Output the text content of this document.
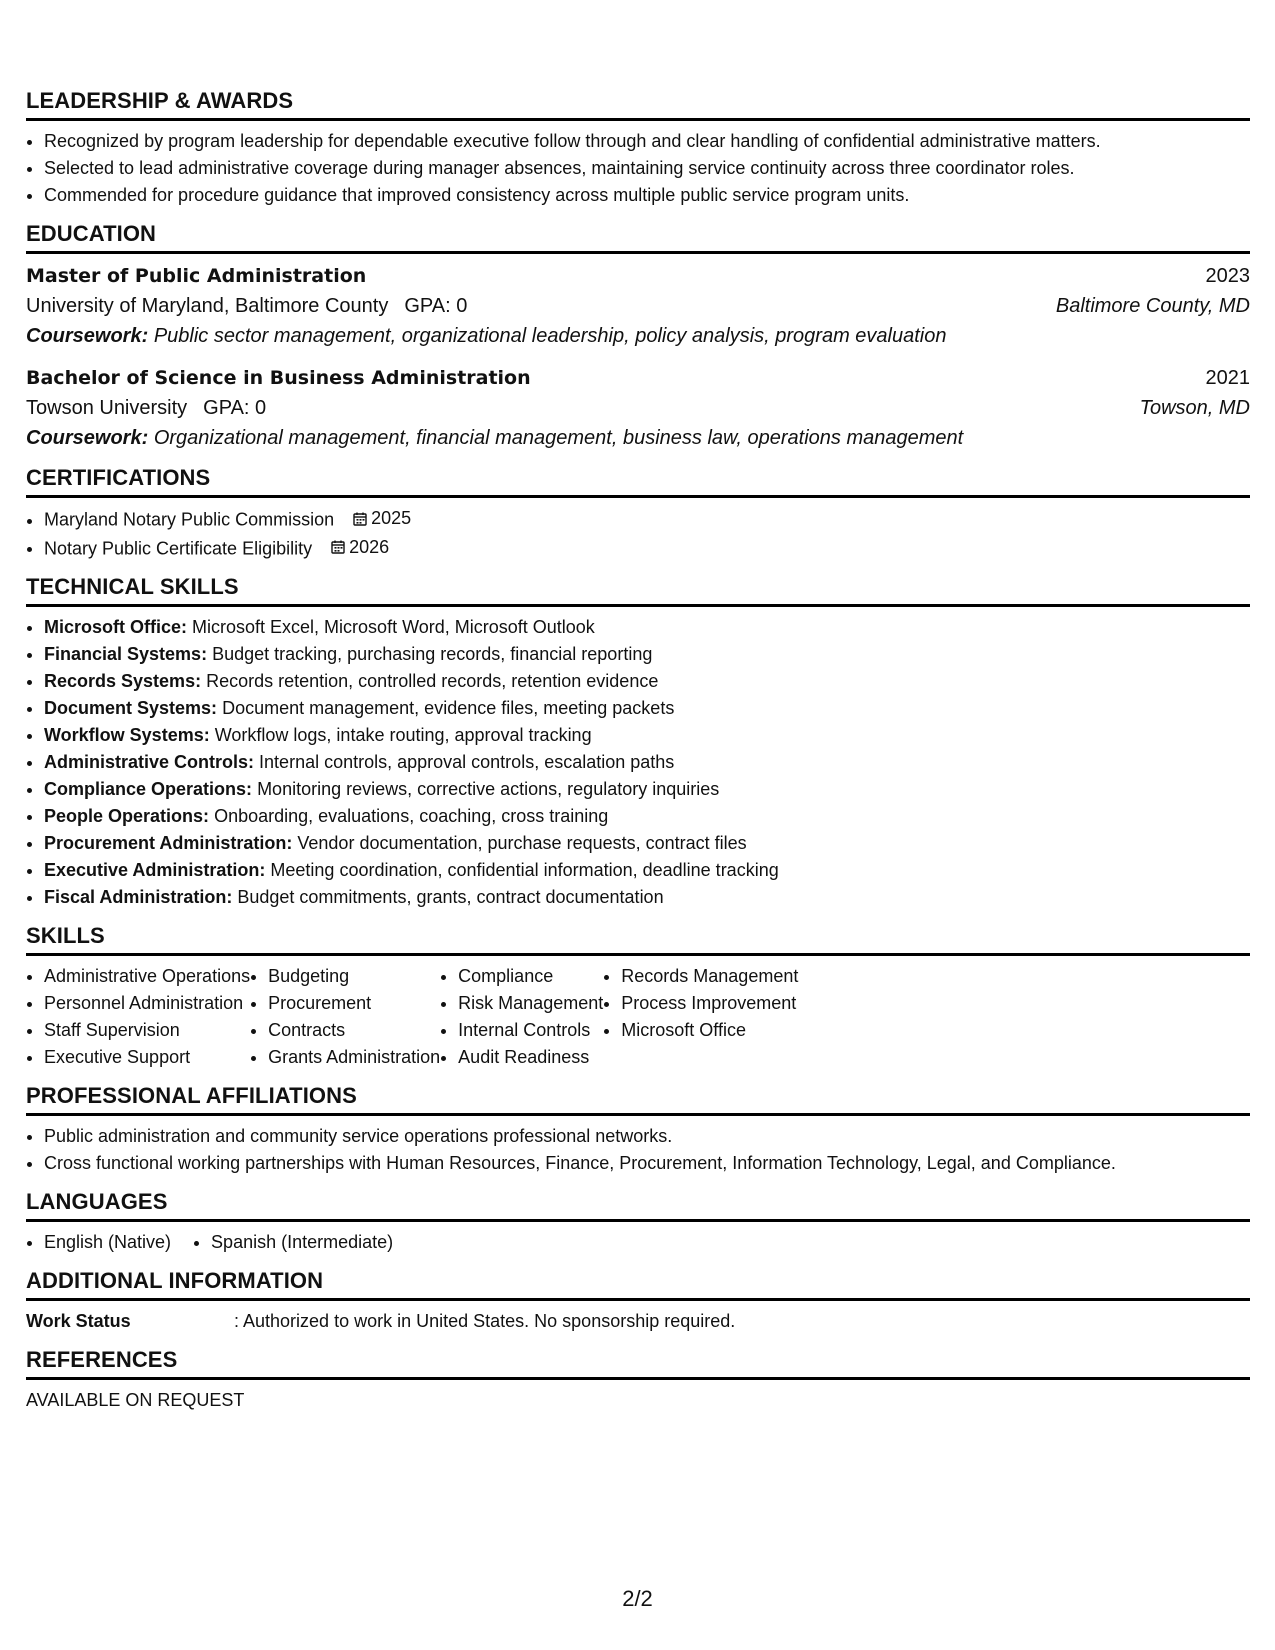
LEADERSHIP & AWARDS
• Recognized by program leadership for dependable executive follow through and clear handling of confidential administrative matters.
• Selected to lead administrative coverage during manager absences, maintaining service continuity across three coordinator roles.
• Commended for procedure guidance that improved consistency across multiple public service program units.
EDUCATION
Master of Public Administration	2023
University of Maryland, Baltimore County GPA: 0	Baltimore County, MD
Coursework: Public sector management, organizational leadership, policy analysis, program evaluation
Bachelor of Science in Business Administration	2021
Towson University GPA: 0	Towson, MD
Coursework: Organizational management, financial management, business law, operations management
CERTIFICATIONS
• Maryland Notary Public Commission 2025
• Notary Public Certificate Eligibility 2026
TECHNICAL SKILLS
• Microsoft Office: Microsoft Excel, Microsoft Word, Microsoft Outlook
• Financial Systems: Budget tracking, purchasing records, financial reporting
• Records Systems: Records retention, controlled records, retention evidence
• Document Systems: Document management, evidence files, meeting packets
• Workflow Systems: Workflow logs, intake routing, approval tracking
• Administrative Controls: Internal controls, approval controls, escalation paths
• Compliance Operations: Monitoring reviews, corrective actions, regulatory inquiries
• People Operations: Onboarding, evaluations, coaching, cross training
• Procurement Administration: Vendor documentation, purchase requests, contract files
• Executive Administration: Meeting coordination, confidential information, deadline tracking
• Fiscal Administration: Budget commitments, grants, contract documentation
SKILLS
• Administrative Operations
• Personnel Administration
• Staff Supervision
• Executive Support
• Budgeting
• Procurement
• Contracts
• Grants Administration
• Compliance
• Risk Management
• Internal Controls
• Audit Readiness
• Records Management
• Process Improvement
• Microsoft Office
PROFESSIONAL AFFILIATIONS
• Public administration and community service operations professional networks.
• Cross functional working partnerships with Human Resources, Finance, Procurement, Information Technology, Legal, and Compliance.
LANGUAGES
• English (Native)
• Spanish (Intermediate)
ADDITIONAL INFORMATION
Work Status	: Authorized to work in United States. No sponsorship required.
REFERENCES
AVAILABLE ON REQUEST
2/2
